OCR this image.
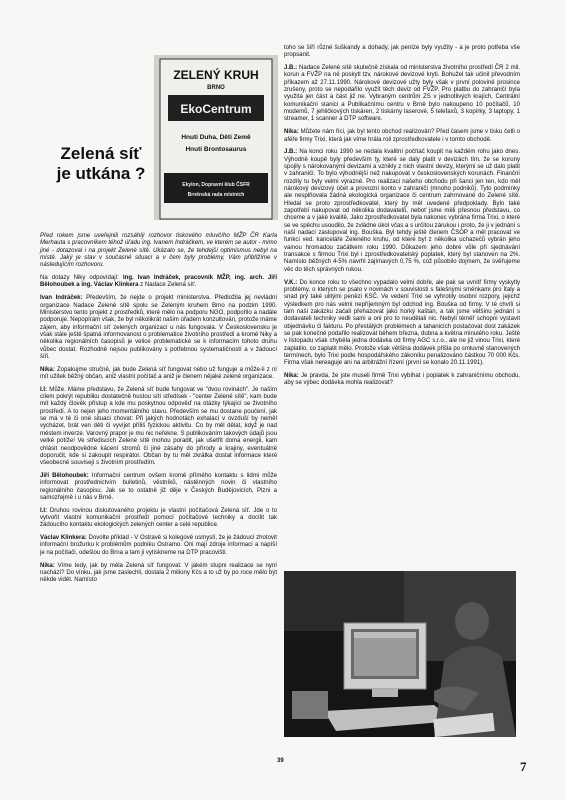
ZELENÝ KRUH
BRNO
EkoCentrum
Hnutí Duha, Děti Země
Hnutí Brontosaurus
Ekylon, Dopravní klub ČSFR
Brněnská rada místních
Zelená síť
je utkána ?

Před rokem jsme uveřejnili rozsáhlý rozhovor tiskového mluvčího MŽP ČR Karla Merhauta s pracovníkem téhož úřadu ing. Ivanem Indráčkem, ve kterém se autor - mimo jiné - dotazoval i na projekt Zelené sítě. Ukázalo se, že tehdejší optimismus nebyl na místě. Jaký je stav v současné situaci a v čem byly problémy, Vám přiblížíme v následujícím rozhovoru.

Na dotazy Niky odpovídají: Ing. Ivan Indráček, pracovník MŽP, ing. arch. Jiří Bělohoubek a ing. Václav Klinkera z Nadace Zelená síť.

Ivan Indráček: Především, že nejde o projekt ministerstva. Předložila jej nevládní organizace Nadace Zelené sítě spolu se Zeleným kruhem Brno na podzim 1990. Ministerstvo tento projekt z prostředků, které měło na podporu NGO, podpořilo a nadále podporuje. Nepopírám však, že byl několikrát našim úřadem konzultován, protože máme zájem, aby informační síť zelených organizací u nás fungovala. V Československu je však stále ještě špatná informovanost o problematice životního prostředí a kromě Niky a několika regionálních časopisů je velice problematické se k informacím tohoto druhu vůbec dostat. Rozhodně nejsou publikovány s potřebnou systematičností a v žádoucí šíři.

Nika: Zopakujme stručně, jak bude Zelená síť fungovat nebo už funguje a může-li z ní mít užitek běžný občan, aniž vlastní počítač a aniž je členem nějaké zelené organizace.

I.I: Může. Máme představu, že Zelená síť bude fungovat ve "dvou rovinách". Je naším cílem pokrýt republiku dostatečně hustou sítí středisek - "center Zelené sítě", kam bude mít každý člověk přístup a kde mu poskytnou odpověď na otázky týkající se životního prostředí. A to nejen jeho momentálního stavu. Především se mu dostane poučení, jak se má v té či oné situaci chovat: Při jakých hodnotách exhalací v ovzduší by neměl vycházet, brát ven děti či vyvíjet příliš fyzickou aktivitu. Co by měl dělat, když je nad městem inverze. Varovný prapor je mu nic neřekne. S publikováním takových údajů jsou velké potíže! Ve střediscích Zelené sítě mohou poradit, jak ušetřit doma energii, kam chlásit neodpovědné kácení stromů či jiné zásahy do přírody a krajiny, eventuálně doporučit, kde si zakoupit respirátor. Občan by tu měl zkrátka dostat informace které všeobecně souvisejí s životním prostředím.

Jiří Bělohoubek: Informační centrum ovšem kromě přímého kontaktu s lidmi může informovat prostřednictvím bulletinů, věstníků, nástěnných novin či vlastního regionálního časopisu. Jak se to ostatně již děje v Českých Budějovicích, Plzni a samozřejmě i u nás v Brně.

I.I: Druhou rovinou diskutovaného projektu je vlastní počítačová Zelená síť. Jde o to vytvořit vlastní komunikační prostředí pomocí počítačové techniky a docílit tak žádoucího kontaktu ekologických zelených center a celé republice.

Václav Klinkera: Dovolte příklad - V Ostravě si kolegové usmyslí, že je žádoucí zhotovit informační brožurku k problémům podniku Ostramo. Oni mají zdroje informací a napíší je na počítači, odešlou do Brna a tam ji vytiskneme na DTP pracovišti.

Nika: Víme tedy, jak by měla Zelená síť fungovat. V jakém stupni realizace se nyní nachází? Do vínku, jak jsme zaslechli, dostala 2 miliony Kčs a to už by po roce měło být někde vidět. Namísto

toho se šíří různé šuškandy a dohady, jak peníze byly využity - a je proto potřeba vše propsanit.

J.B.: Nadace Zelené sítě skutečně získala od ministerstva životního prostředí ČR 2 mil. korun a FVŽP na ně poskytl tzv. nárokové devizové kryti. Bohužel tak učinil převodním příkazem až 27.11.1990. Nárokové devizové užty byly však v první polovině prosince zrušeny, proto se nepodařilo využít těch deviz od FVŽP. Pro platbu do zahraničí byla využita jen část a část již ne. Vybraným centrům ZS v jednotlivých krajích, Centrální komunikační stanici a Publikačnímu centru v Brně bylo nakoupeno 10 počítačů, 10 modemů, 7 jehličkových tiskáren, 2 tiskárny laserové, 5 telefaxů, 3 kopírky, 3 laptopy, 1 streamer, 1 scanner a DTP software.

Nika: Můžete nám říci, jak byl tento obchod realizován? Před časem jsme v tisku četli o aféře firmy Trixi, která jak víme hrála roli zprostředkovatele i v tomto obchodě.

J.B.: Na konci roku 1990 se nedala kvalitní počítač koupit na každém rohu jako dnes. Výhodně koupě byly především ty, které se daly platit v devizách tím, že se koruny spojily s nárokovanými devizami a vznikly z nich vlastní devizy, kterými se už dalo platit v zahraničí. To bylo výhodnější než nakupovat v československých korunách. Finanční rozdíly tu byly velmi výrazné. Pro realizaci našeho obchodu při šanci jen ten, kdo měl nárokový devizový účet a provozní konto v zahraničí (mnoho podniků). Tyto podmínky ale nesplňovala žádná ekologická organizace či centrum zahrnované do Zelené sítě. Hledal se proto zprostředkovatel, který by měl uvedené předpoklady. Bylo také zapotřebí nakupovat od několika dodavatelů, neboť jsme měli přesnou představu, co chceme a v jaké kvalitě. Jako zprostředkovatel byla nakonec vybrána firma Trixi, o které se ve spěchu usoudilo, že zvládne úkol včas a s určitou zárukou i proto, že ji v jednání s naší nadací zastupoval ing. Bouška. Byl tehdy ještě členem ČSOP a měl pracovat ve funkci ved. kanceláře Zeleného kruhu, od které byl z několika uchazečů vybrán jeho vainou hromadou začátkem roku 1990. Důkazem jeho dobré vůle při sjednávání transakce s firmou Trixi byl i zprostředkovatelský poplatek, který byl stanoven na 2%. Namísto běžných 4-5% navrhl zajímavých 0,75 %, což působilo dojmem, že svěřujeme věc do těch správných rukou.

V.K.: Do konce roku to všechno vypadalo velmi dobře, ale pak se uvnitř firmy vyskytly problémy, o kterých se psalo v novinách v souvislosti s falešnými směnkami pro Italy a snad prý také ulitými penězi KSČ. Ve vedení Trixi se vyhrotily osobní rozpory, jejichž výsledkem pro nás velmi nepříjemným byl odchod ing. Bouška od firmy. V té chvíli si tam naši zakázku začali přehazovat jako horký kaštan, a tak jsme většinu jednání s dodavateli techniky vedli sami a oni pro to neudělali nic. Nebyli téměř schopni vystavit objednávku či fakturu. Po přestálých problémech a tahanicích postačovat dost zakázek se pak konečně podařilo realizovat během března, dubna a května minulého roku. Ještě v listopadu však chyběla jedna dodávka od firmy AGC s.r.o., ale ne již vinou Trixi, které zaplatilo, co zaplatit mělo. Protože však většina dodávek přišla po smluvně stanovených termínech, bylo Trixi podle hospodářského zákoníku penalizováno částkou 70 000 Kčs. Firma však nereaguje ani na arbitrážní řízení (první se konalo 20.11.1991).

Nika: Je pravda, že jste museli firmě Trixi vybíhat i poplatek k zahraničnímu obchodu, aby se výbec dodávka mohla realizovat?

39	7
